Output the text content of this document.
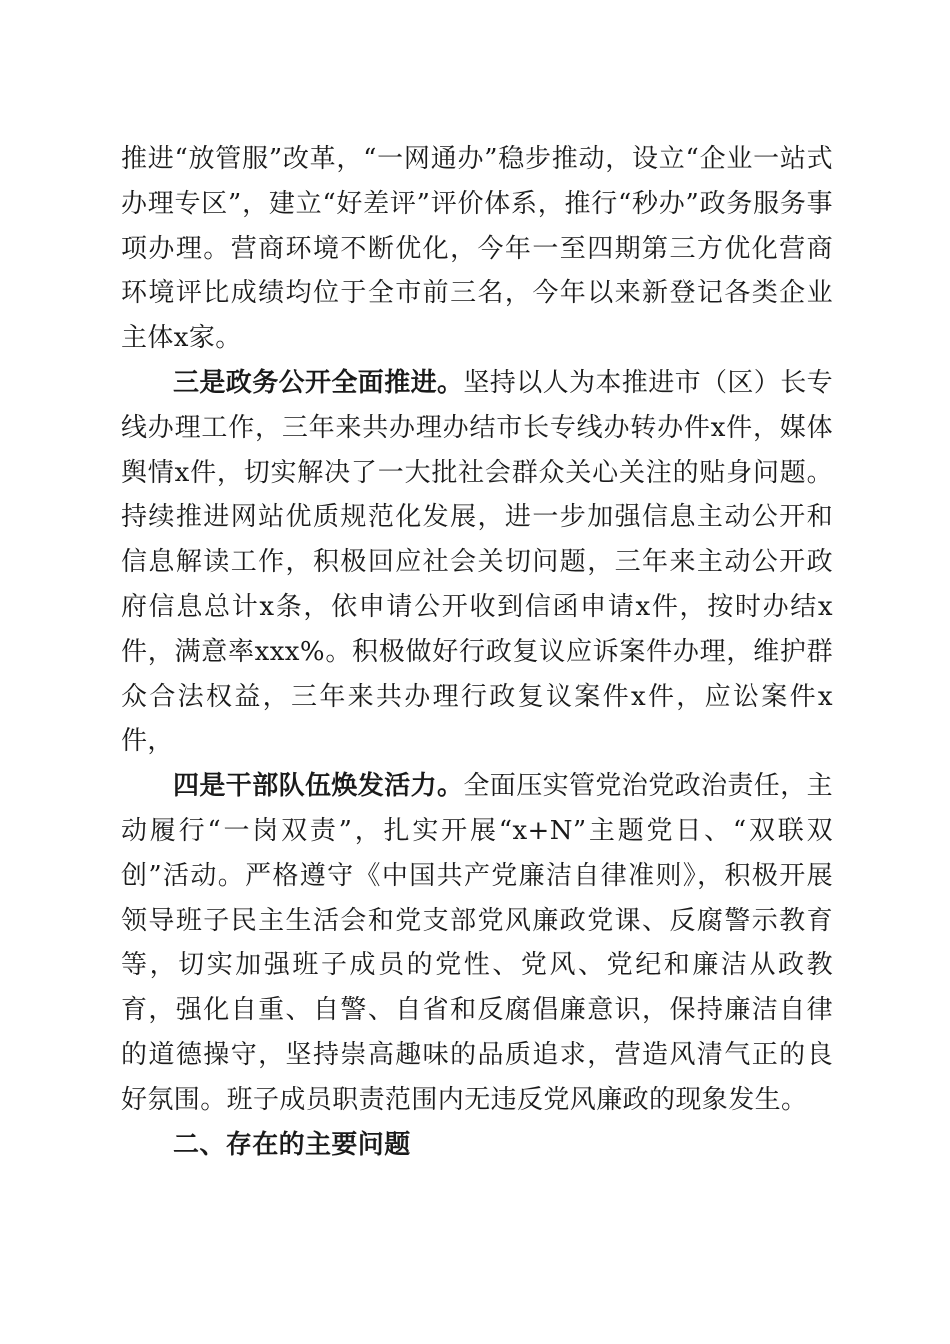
推进“放管服”改革，“一网通办”稳步推动，设立“企业一站式办理专区”，建立“好差评”评价体系，推行“秒办”政务服务事项办理。营商环境不断优化，今年一至四期第三方优化营商环境评比成绩均位于全市前三名，今年以来新登记各类企业主体x家。

三是政务公开全面推进。坚持以人为本推进市（区）长专线办理工作，三年来共办理办结市长专线办转办件x件，媒体舆情x件，切实解决了一大批社会群众关心关注的贴身问题。持续推进网站优质规范化发展，进一步加强信息主动公开和信息解读工作，积极回应社会关切问题，三年来主动公开政府信息总计x条，依申请公开收到信函申请x件，按时办结x件，满意率xxx%。积极做好行政复议应诉案件办理，维护群众合法权益，三年来共办理行政复议案件x件，应讼案件x件，

四是干部队伍焕发活力。全面压实管党治党政治责任，主动履行“一岗双责”，扎实开展“x+N”主题党日、“双联双创”活动。严格遵守《中国共产党廉洁自律准则》，积极开展领导班子民主生活会和党支部党风廉政党课、反腐警示教育等，切实加强班子成员的党性、党风、党纪和廉洁从政教育，强化自重、自警、自省和反腐倡廉意识，保持廉洁自律的道德操守，坚持崇高趣味的品质追求，营造风清气正的良好氛围。班子成员职责范围内无违反党风廉政的现象发生。

二、存在的主要问题
